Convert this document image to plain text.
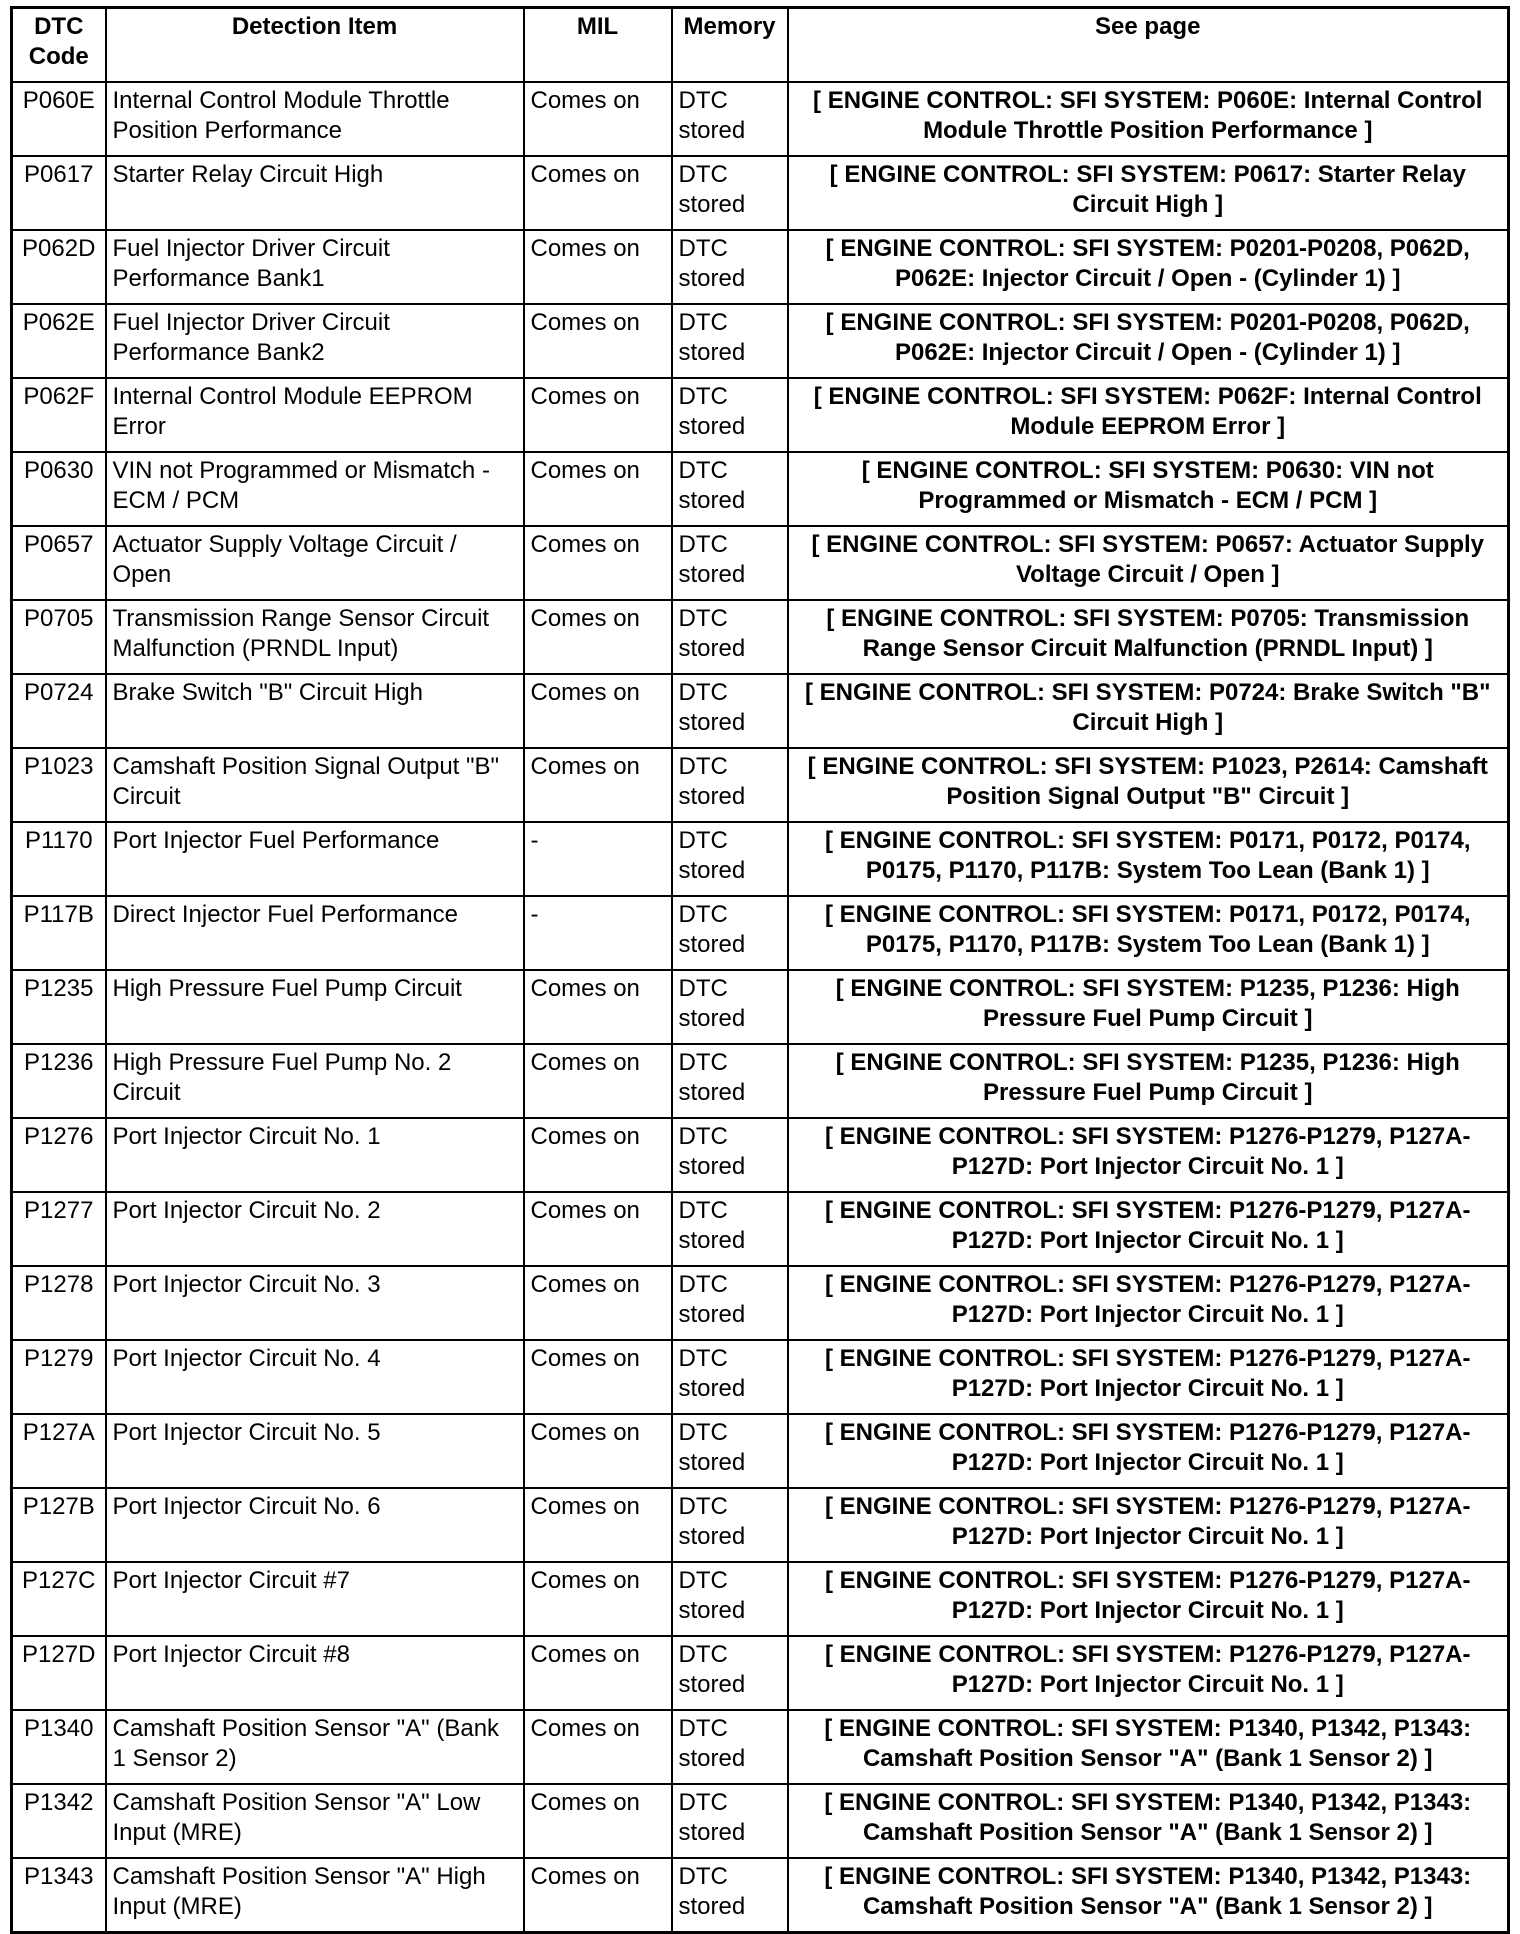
DTC Code	Detection Item	MIL	Memory	See page
P060E	Internal Control Module Throttle Position Performance	Comes on	DTC stored	[ ENGINE CONTROL: SFI SYSTEM: P060E: Internal Control Module Throttle Position Performance ]
P0617	Starter Relay Circuit High	Comes on	DTC stored	[ ENGINE CONTROL: SFI SYSTEM: P0617: Starter Relay Circuit High ]
P062D	Fuel Injector Driver Circuit Performance Bank1	Comes on	DTC stored	[ ENGINE CONTROL: SFI SYSTEM: P0201-P0208, P062D, P062E: Injector Circuit / Open - (Cylinder 1) ]
P062E	Fuel Injector Driver Circuit Performance Bank2	Comes on	DTC stored	[ ENGINE CONTROL: SFI SYSTEM: P0201-P0208, P062D, P062E: Injector Circuit / Open - (Cylinder 1) ]
P062F	Internal Control Module EEPROM Error	Comes on	DTC stored	[ ENGINE CONTROL: SFI SYSTEM: P062F: Internal Control Module EEPROM Error ]
P0630	VIN not Programmed or Mismatch - ECM / PCM	Comes on	DTC stored	[ ENGINE CONTROL: SFI SYSTEM: P0630: VIN not Programmed or Mismatch - ECM / PCM ]
P0657	Actuator Supply Voltage Circuit / Open	Comes on	DTC stored	[ ENGINE CONTROL: SFI SYSTEM: P0657: Actuator Supply Voltage Circuit / Open ]
P0705	Transmission Range Sensor Circuit Malfunction (PRNDL Input)	Comes on	DTC stored	[ ENGINE CONTROL: SFI SYSTEM: P0705: Transmission Range Sensor Circuit Malfunction (PRNDL Input) ]
P0724	Brake Switch "B" Circuit High	Comes on	DTC stored	[ ENGINE CONTROL: SFI SYSTEM: P0724: Brake Switch "B" Circuit High ]
P1023	Camshaft Position Signal Output "B" Circuit	Comes on	DTC stored	[ ENGINE CONTROL: SFI SYSTEM: P1023, P2614: Camshaft Position Signal Output "B" Circuit ]
P1170	Port Injector Fuel Performance	-	DTC stored	[ ENGINE CONTROL: SFI SYSTEM: P0171, P0172, P0174, P0175, P1170, P117B: System Too Lean (Bank 1) ]
P117B	Direct Injector Fuel Performance	-	DTC stored	[ ENGINE CONTROL: SFI SYSTEM: P0171, P0172, P0174, P0175, P1170, P117B: System Too Lean (Bank 1) ]
P1235	High Pressure Fuel Pump Circuit	Comes on	DTC stored	[ ENGINE CONTROL: SFI SYSTEM: P1235, P1236: High Pressure Fuel Pump Circuit ]
P1236	High Pressure Fuel Pump No. 2 Circuit	Comes on	DTC stored	[ ENGINE CONTROL: SFI SYSTEM: P1235, P1236: High Pressure Fuel Pump Circuit ]
P1276	Port Injector Circuit No. 1	Comes on	DTC stored	[ ENGINE CONTROL: SFI SYSTEM: P1276-P1279, P127A-P127D: Port Injector Circuit No. 1 ]
P1277	Port Injector Circuit No. 2	Comes on	DTC stored	[ ENGINE CONTROL: SFI SYSTEM: P1276-P1279, P127A-P127D: Port Injector Circuit No. 1 ]
P1278	Port Injector Circuit No. 3	Comes on	DTC stored	[ ENGINE CONTROL: SFI SYSTEM: P1276-P1279, P127A-P127D: Port Injector Circuit No. 1 ]
P1279	Port Injector Circuit No. 4	Comes on	DTC stored	[ ENGINE CONTROL: SFI SYSTEM: P1276-P1279, P127A-P127D: Port Injector Circuit No. 1 ]
P127A	Port Injector Circuit No. 5	Comes on	DTC stored	[ ENGINE CONTROL: SFI SYSTEM: P1276-P1279, P127A-P127D: Port Injector Circuit No. 1 ]
P127B	Port Injector Circuit No. 6	Comes on	DTC stored	[ ENGINE CONTROL: SFI SYSTEM: P1276-P1279, P127A-P127D: Port Injector Circuit No. 1 ]
P127C	Port Injector Circuit #7	Comes on	DTC stored	[ ENGINE CONTROL: SFI SYSTEM: P1276-P1279, P127A-P127D: Port Injector Circuit No. 1 ]
P127D	Port Injector Circuit #8	Comes on	DTC stored	[ ENGINE CONTROL: SFI SYSTEM: P1276-P1279, P127A-P127D: Port Injector Circuit No. 1 ]
P1340	Camshaft Position Sensor "A" (Bank 1 Sensor 2)	Comes on	DTC stored	[ ENGINE CONTROL: SFI SYSTEM: P1340, P1342, P1343: Camshaft Position Sensor "A" (Bank 1 Sensor 2) ]
P1342	Camshaft Position Sensor "A" Low Input (MRE)	Comes on	DTC stored	[ ENGINE CONTROL: SFI SYSTEM: P1340, P1342, P1343: Camshaft Position Sensor "A" (Bank 1 Sensor 2) ]
P1343	Camshaft Position Sensor "A" High Input (MRE)	Comes on	DTC stored	[ ENGINE CONTROL: SFI SYSTEM: P1340, P1342, P1343: Camshaft Position Sensor "A" (Bank 1 Sensor 2) ]
